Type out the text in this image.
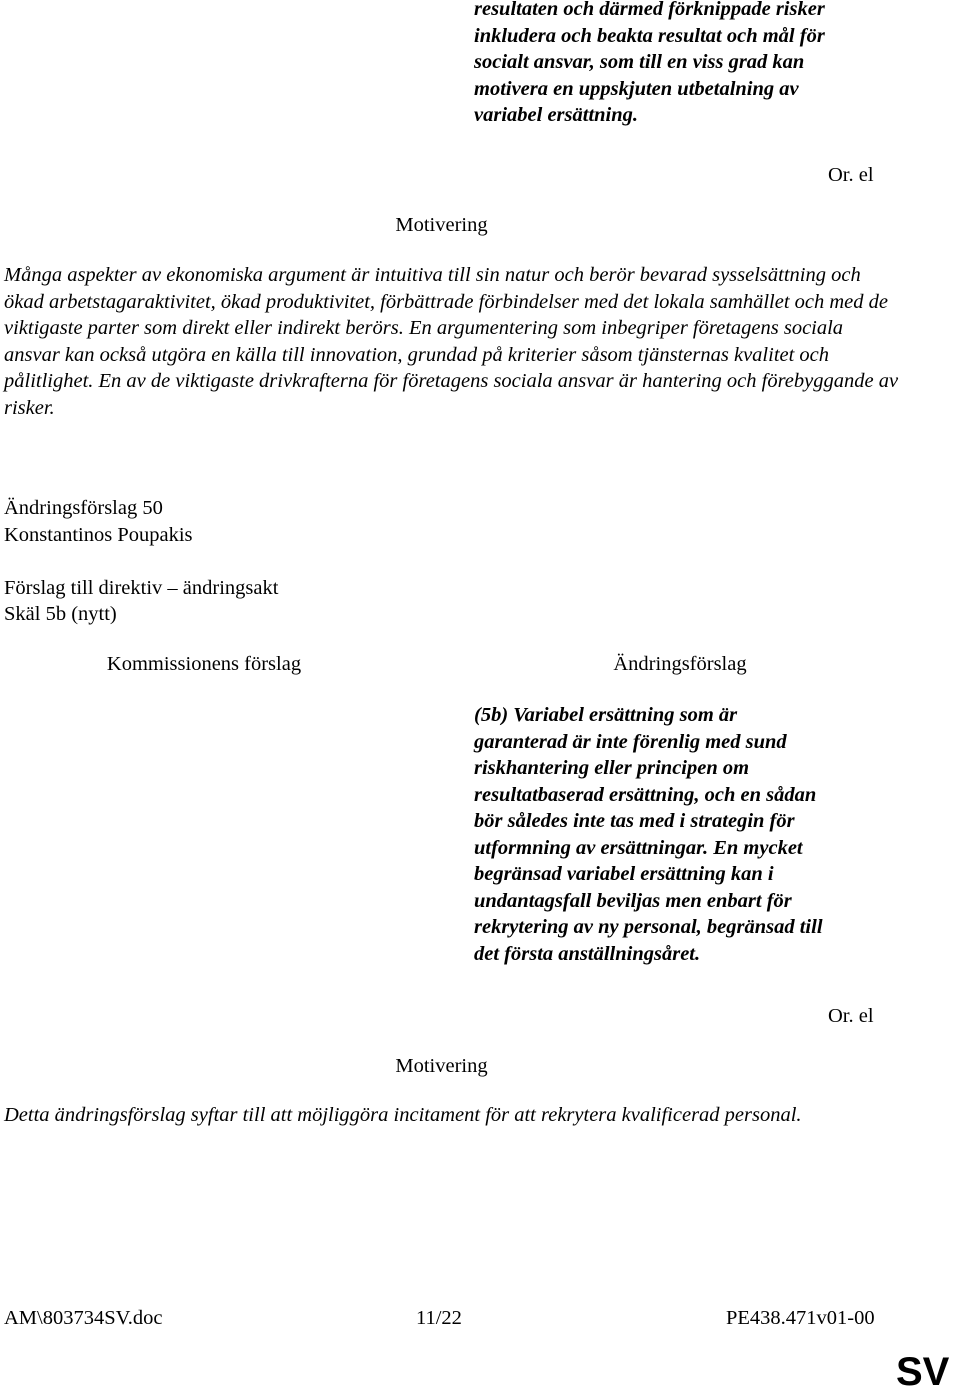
resultaten och därmed förknippade risker
inkludera och beakta resultat och mål för
socialt ansvar, som till en viss grad kan
motivera en uppskjuten utbetalning av
variabel ersättning.
Or. el
Motivering

Många aspekter av ekonomiska argument är intuitiva till sin natur och berör bevarad sysselsättning och ökad arbetstagaraktivitet, ökad produktivitet, förbättrade förbindelser med det lokala samhället och med de viktigaste parter som direkt eller indirekt berörs. En argumentering som inbegriper företagens sociala ansvar kan också utgöra en källa till innovation, grundad på kriterier såsom tjänsternas kvalitet och pålitlighet. En av de viktigaste drivkrafterna för företagens sociala ansvar är hantering och förebyggande av risker.

Ändringsförslag 50
Konstantinos Poupakis
Förslag till direktiv – ändringsakt
Skäl 5b (nytt)
Kommissionens förslag	Ändringsförslag
(5b) Variabel ersättning som är
garanterad är inte förenlig med sund
riskhantering eller principen om
resultatbaserad ersättning, och en sådan
bör således inte tas med i strategin för
utformning av ersättningar. En mycket
begränsad variabel ersättning kan i
undantagsfall beviljas men enbart för
rekrytering av ny personal, begränsad till
det första anställningsåret.
Or. el
Motivering

Detta ändringsförslag syftar till att möjliggöra incitament för att rekrytera kvalificerad personal.

AM\803734SV.doc	11/22	PE438.471v01-00
SV
